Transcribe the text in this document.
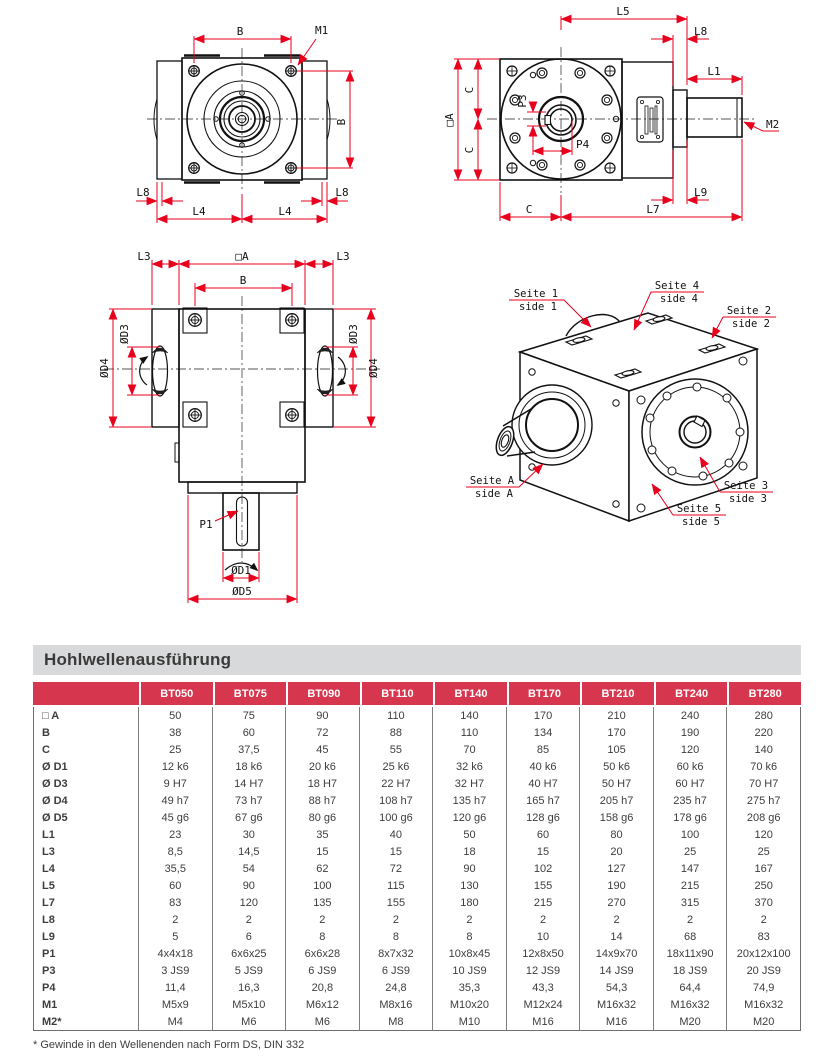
B	M1
B
L8	L8
L4	L4
L5
L8
L1
□A
C
C
P3
P4
M2
L9
C	L7
L3	□A	L3
B
ØD4
ØD3	ØD3
ØD4
P1
ØD1
ØD5
Seite 1
side 1
Seite 4
side 4
Seite 2
side 2
Seite A
side A
Seite 5
side 5
Seite 3
side 3
Hohlwellenausführung
	BT050	BT075	BT090	BT110	BT140	BT170	BT210	BT240	BT280
□ A	50	75	90	110	140	170	210	240	280
B	38	60	72	88	110	134	170	190	220
C	25	37,5	45	55	70	85	105	120	140
Ø D1	12 k6	18 k6	20 k6	25 k6	32 k6	40 k6	50 k6	60 k6	70 k6
Ø D3	9 H7	14 H7	18 H7	22 H7	32 H7	40 H7	50 H7	60 H7	70 H7
Ø D4	49 h7	73 h7	88 h7	108 h7	135 h7	165 h7	205 h7	235 h7	275 h7
Ø D5	45 g6	67 g6	80 g6	100 g6	120 g6	128 g6	158 g6	178 g6	208 g6
L1	23	30	35	40	50	60	80	100	120
L3	8,5	14,5	15	15	18	15	20	25	25
L4	35,5	54	62	72	90	102	127	147	167
L5	60	90	100	115	130	155	190	215	250
L7	83	120	135	155	180	215	270	315	370
L8	2	2	2	2	2	2	2	2	2
L9	5	6	8	8	8	10	14	68	83
P1	4x4x18	6x6x25	6x6x28	8x7x32	10x8x45	12x8x50	14x9x70	18x11x90	20x12x100
P3	3 JS9	5 JS9	6 JS9	6 JS9	10 JS9	12 JS9	14 JS9	18 JS9	20 JS9
P4	11,4	16,3	20,8	24,8	35,3	43,3	54,3	64,4	74,9
M1	M5x9	M5x10	M6x12	M8x16	M10x20	M12x24	M16x32	M16x32	M16x32
M2*	M4	M6	M6	M8	M10	M16	M16	M20	M20
* Gewinde in den Wellenenden nach Form DS, DIN 332
